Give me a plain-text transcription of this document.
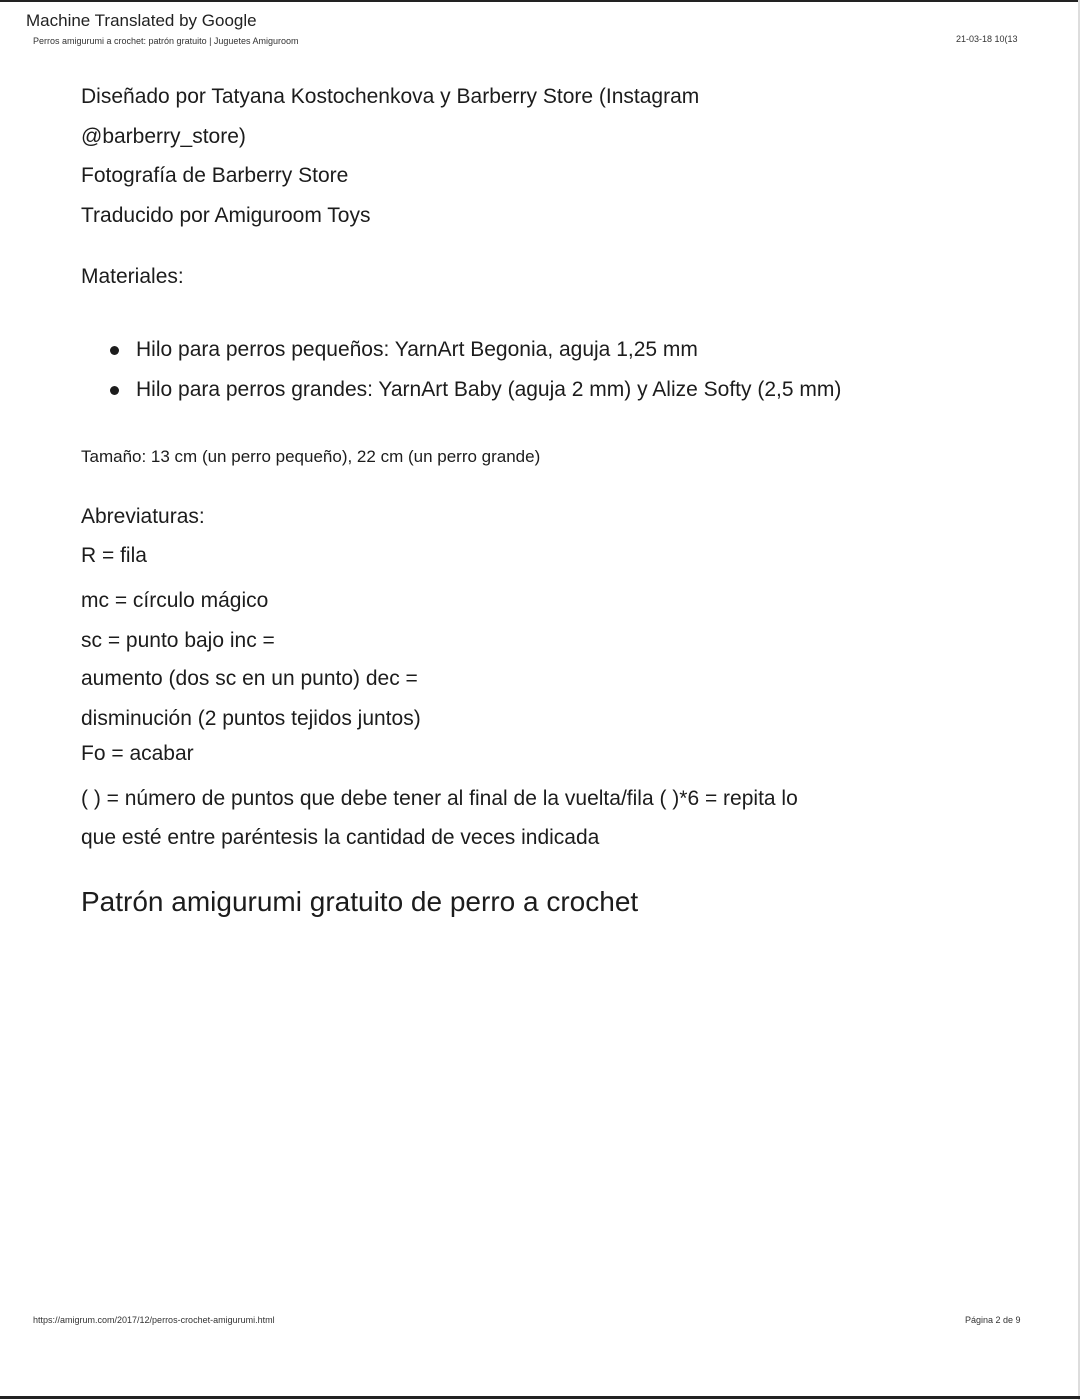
Machine Translated by Google
Perros amigurumi a crochet: patrón gratuito | Juguetes Amiguroom	21-03-18 10(13
Diseñado por Tatyana Kostochenkova y Barberry Store (Instagram
@barberry_store)
Fotografía de Barberry Store
Traducido por Amiguroom Toys
Materiales:
Hilo para perros pequeños: YarnArt Begonia, aguja 1,25 mm
Hilo para perros grandes: YarnArt Baby (aguja 2 mm) y Alize Softy (2,5 mm)
Tamaño: 13 cm (un perro pequeño), 22 cm (un perro grande)
Abreviaturas:
R = fila
mc = círculo mágico
sc = punto bajo inc =
aumento (dos sc en un punto) dec =
disminución (2 puntos tejidos juntos)
Fo = acabar
( ) = número de puntos que debe tener al final de la vuelta/fila ( )*6 = repita lo
que esté entre paréntesis la cantidad de veces indicada
Patrón amigurumi gratuito de perro a crochet
https://amigrum.com/2017/12/perros-crochet-amigurumi.html	Página 2 de 9
